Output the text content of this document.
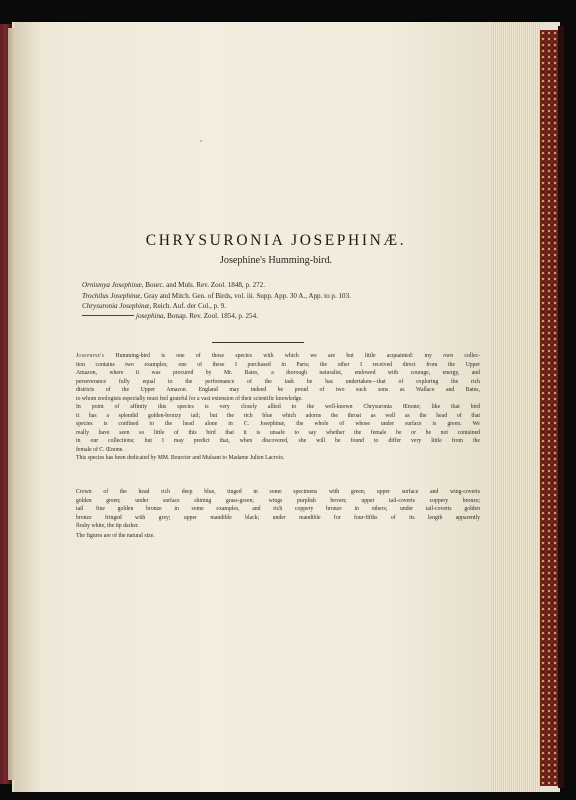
CHRYSURONIA JOSEPHINÆ.
Josephine's Humming-bird.
Ornismya Josephinæ, Bourc. and Muls. Rev. Zool. 1848, p. 272.
Trochilus Josephinæ, Gray and Mitch. Gen. of Birds, vol. iii. Supp. App. 30 A., App. to p. 103.
Chrysuronia Josephinæ, Reich. Auf. der Col., p. 9.
josephina, Bonap. Rev. Zool. 1854, p. 254.
Josephine's Humming-bird is one of those species with which we are but little acquainted: my own collec-
tion contains two examples; one of these I purchased in Paris; the other I received direct from the Upper
Amazon, where it was procured by Mr. Bates, a thorough naturalist, endowed with courage, energy, and
perseverance fully equal to the performance of the task he has undertaken—that of exploring the rich
districts of the Upper Amazon. England may indeed be proud of two such sons as Wallace and Bates,
to whom zoologists especially must feel grateful for a vast extension of their scientific knowledge.
In point of affinity this species is very closely allied to the well-known Chrysuronia Œnone; like that bird
it has a splendid golden-bronzy tail; but the rich blue which adorns the throat as well as the head of that
species is confined to the head alone in C. Josephinæ, the whole of whose under surface is green. We
really have seen so little of this bird that it is unsafe to say whether the female be or be not contained
in our collections; but I may predict that, when discovered, she will be found to differ very little from the
female of C. Œnone.
This species has been dedicated by MM. Bourcier and Mulsant to Madame Julien Lacroix.
Crown of the head rich deep blue, tinged in some specimens with green; upper surface and wing-coverts
golden green; under surface shining grass-green; wings purplish brown; upper tail-coverts coppery bronze;
tail fine golden bronze in some examples, and rich coppery bronze in others; under tail-coverts golden
bronze fringed with grey; upper mandible black; under mandible for four-fifths of its length apparently
fleshy white, the tip darker.
The figures are of the natural size.
